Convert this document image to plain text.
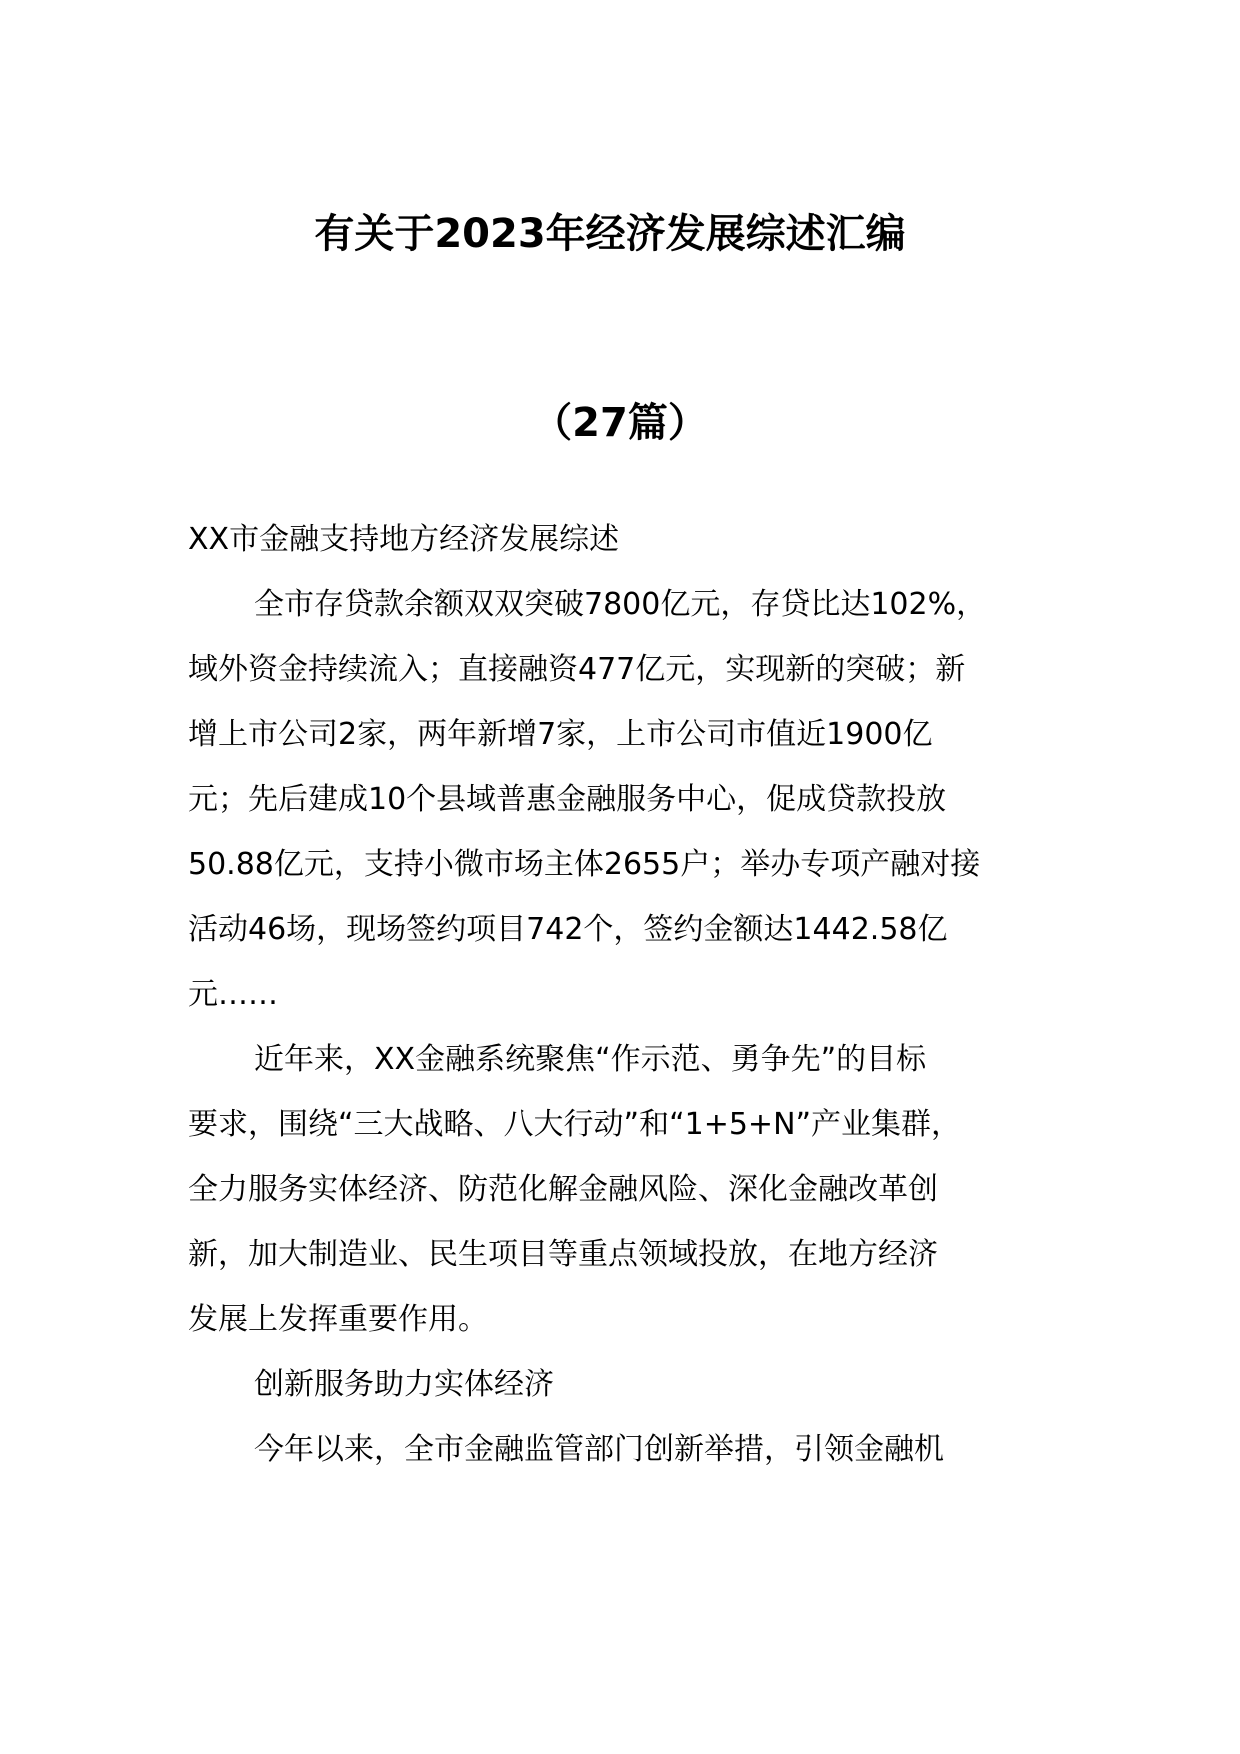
有关于2023年经济发展综述汇编
（27篇）
XX市金融支持地方经济发展综述
全市存贷款余额双双突破7800亿元，存贷比达102%，
域外资金持续流入；直接融资477亿元，实现新的突破；新
增上市公司2家，两年新增7家，上市公司市值近1900亿
元；先后建成10个县域普惠金融服务中心，促成贷款投放
50.88亿元，支持小微市场主体2655户；举办专项产融对接
活动46场，现场签约项目742个，签约金额达1442.58亿
元……
近年来，XX金融系统聚焦“作示范、勇争先”的目标
要求，围绕“三大战略、八大行动”和“1+5+N”产业集群，
全力服务实体经济、防范化解金融风险、深化金融改革创
新，加大制造业、民生项目等重点领域投放，在地方经济
发展上发挥重要作用。
创新服务助力实体经济
今年以来，全市金融监管部门创新举措，引领金融机
